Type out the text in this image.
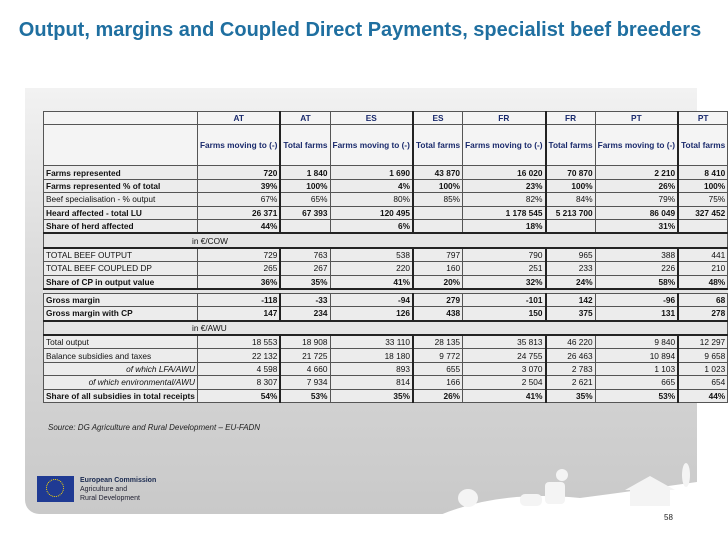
Output, margins and Coupled Direct Payments, specialist beef breeders
	AT	AT	ES	ES	FR	FR	PT	PT
	Farms moving to (-)	Total farms	Farms moving to (-)	Total farms	Farms moving to (-)	Total farms	Farms moving to (-)	Total farms
Farms represented	720	1 840	1 690	43 870	16 020	70 870	2 210	8 410
Farms represented % of total	39%	100%	4%	100%	23%	100%	26%	100%
Beef specialisation - % output	67%	65%	80%	85%	82%	84%	79%	75%
Heard affected - total LU	26 371	67 393	120 495		1 178 545	5 213 700	86 049	327 452
Share of herd affected	44%		6%		18%		31%	
in €/COW								
TOTAL BEEF OUTPUT	729	763	538	797	790	965	388	441
TOTAL BEEF COUPLED DP	265	267	220	160	251	233	226	210
Share of CP in output value	36%	35%	41%	20%	32%	24%	58%	48%

Gross margin	-118	-33	-94	279	-101	142	-96	68
Gross margin with CP	147	234	126	438	150	375	131	278
in €/AWU								
Total output	18 553	18 908	33 110	28 135	35 813	46 220	9 840	12 297
Balance subsidies and taxes	22 132	21 725	18 180	9 772	24 755	26 463	10 894	9 658
of which LFA/AWU	4 598	4 660	893	655	3 070	2 783	1 103	1 023
of which environmental/AWU	8 307	7 934	814	166	2 504	2 621	665	654
Share of all subsidies in total receipts	54%	53%	35%	26%	41%	35%	53%	44%
Source: DG Agriculture and Rural Development – EU-FADN
European Commission
Agriculture and
Rural Development
58
